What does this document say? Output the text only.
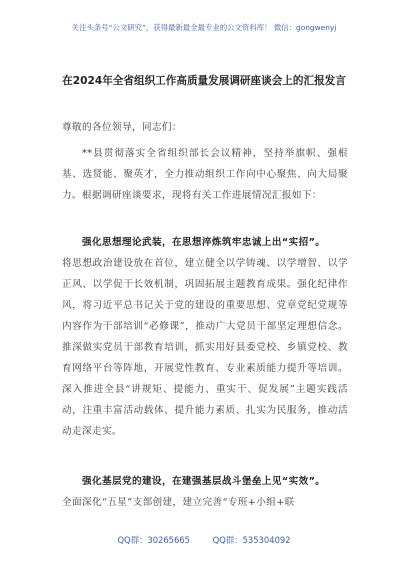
关注头条号“公文研究”，获得最新最全最专业的公文资料库！ 微信：gongwenyj
在2024年全省组织工作高质量发展调研座谈会上的汇报发言
尊敬的各位领导，同志们：
**县贯彻落实全省组织部长会议精神，坚持举旗帜、强根基、选贤能、聚英才，全力推动组织工作向中心聚焦、向大局聚力。根据调研座谈要求，现将有关工作进展情况汇报如下：
强化思想理论武装，在思想淬炼筑牢忠诚上出“实招”。
将思想政治建设放在首位，建立健全以学铸魂、以学增智、以学正风、以学促干长效机制，巩固拓展主题教育成果。强化纪律作风，将习近平总书记关于党的建设的重要思想、党章党纪党规等内容作为干部培训“必修课”，推动广大党员干部坚定理想信念。推深做实党员干部教育培训，抓实用好县委党校、乡镇党校、教育网络平台等阵地，开展党性教育、专业素质能力提升等培训。深入推进全县“讲规矩、提能力、重实干、促发展”主题实践活动，注重丰富活动载体、提升能力素质、扎实为民服务，推动活动走深走实。
强化基层党的建设，在建强基层战斗堡垒上见“实效”。
全面深化“五星”支部创建，建立完善“专班+小组+联
QQ群：30265665	QQ群：535304092
